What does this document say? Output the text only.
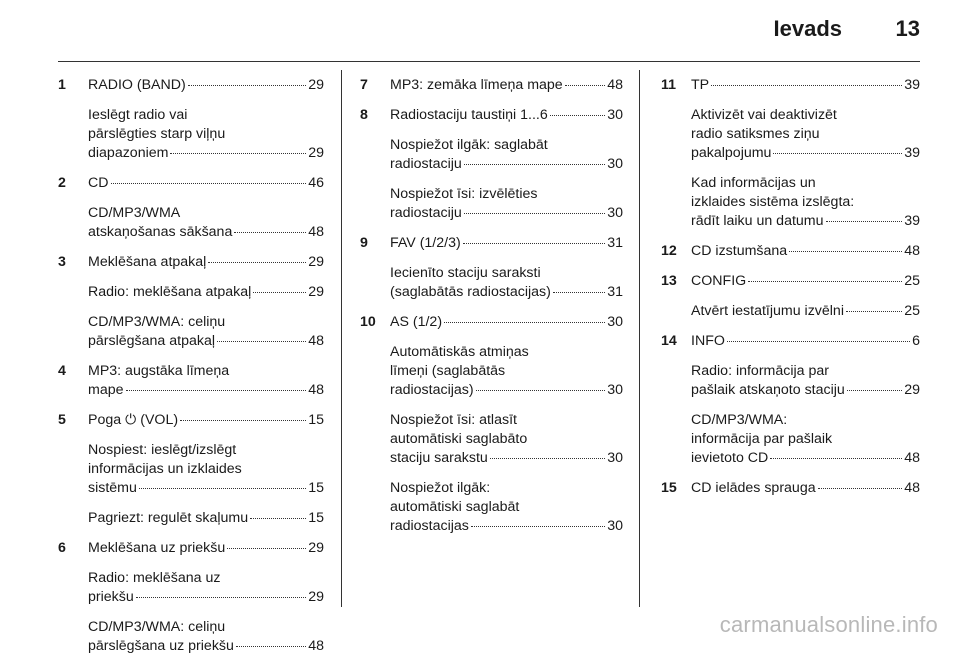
Ievads 13
1 RADIO (BAND)	29
Ieslēgt radio vai
pārslēgties starp viļņu
diapazoniem	29
2 CD	46
CD/MP3/WMA
atskaņošanas sākšana	48
3 Meklēšana atpakaļ	29
Radio: meklēšana atpakaļ	29
CD/MP3/WMA: celiņu
pārslēgšana atpakaļ	48
4 MP3: augstāka līmeņa
mape	48
5 Poga ⏻ (VOL)	15
Nospiest: ieslēgt/izslēgt
informācijas un izklaides
sistēmu	15
Pagriezt: regulēt skaļumu	15
6 Meklēšana uz priekšu	29
Radio: meklēšana uz
priekšu	29
CD/MP3/WMA: celiņu
pārslēgšana uz priekšu	48
7 MP3: zemāka līmeņa mape	48
8 Radiostaciju taustiņi 1...6	30
Nospiežot ilgāk: saglabāt
radiostaciju	30
Nospiežot īsi: izvēlēties
radiostaciju	30
9 FAV (1/2/3)	31
Iecienīto staciju saraksti
(saglabātās radiostacijas)	31
10 AS (1/2)	30
Automātiskās atmiņas
līmeņi (saglabātās
radiostacijas)	30
Nospiežot īsi: atlasīt
automātiski saglabāto
staciju sarakstu	30
Nospiežot ilgāk:
automātiski saglabāt
radiostacijas	30
11 TP	39
Aktivizēt vai deaktivizēt
radio satiksmes ziņu
pakalpojumu	39
Kad informācijas un
izklaides sistēma izslēgta:
rādīt laiku un datumu	39
12 CD izstumšana	48
13 CONFIG	25
Atvērt iestatījumu izvēlni	25
14 INFO	6
Radio: informācija par
pašlaik atskaņoto staciju	29
CD/MP3/WMA:
informācija par pašlaik
ievietoto CD	48
15 CD ielādes sprauga	48
carmanualsonline.info
